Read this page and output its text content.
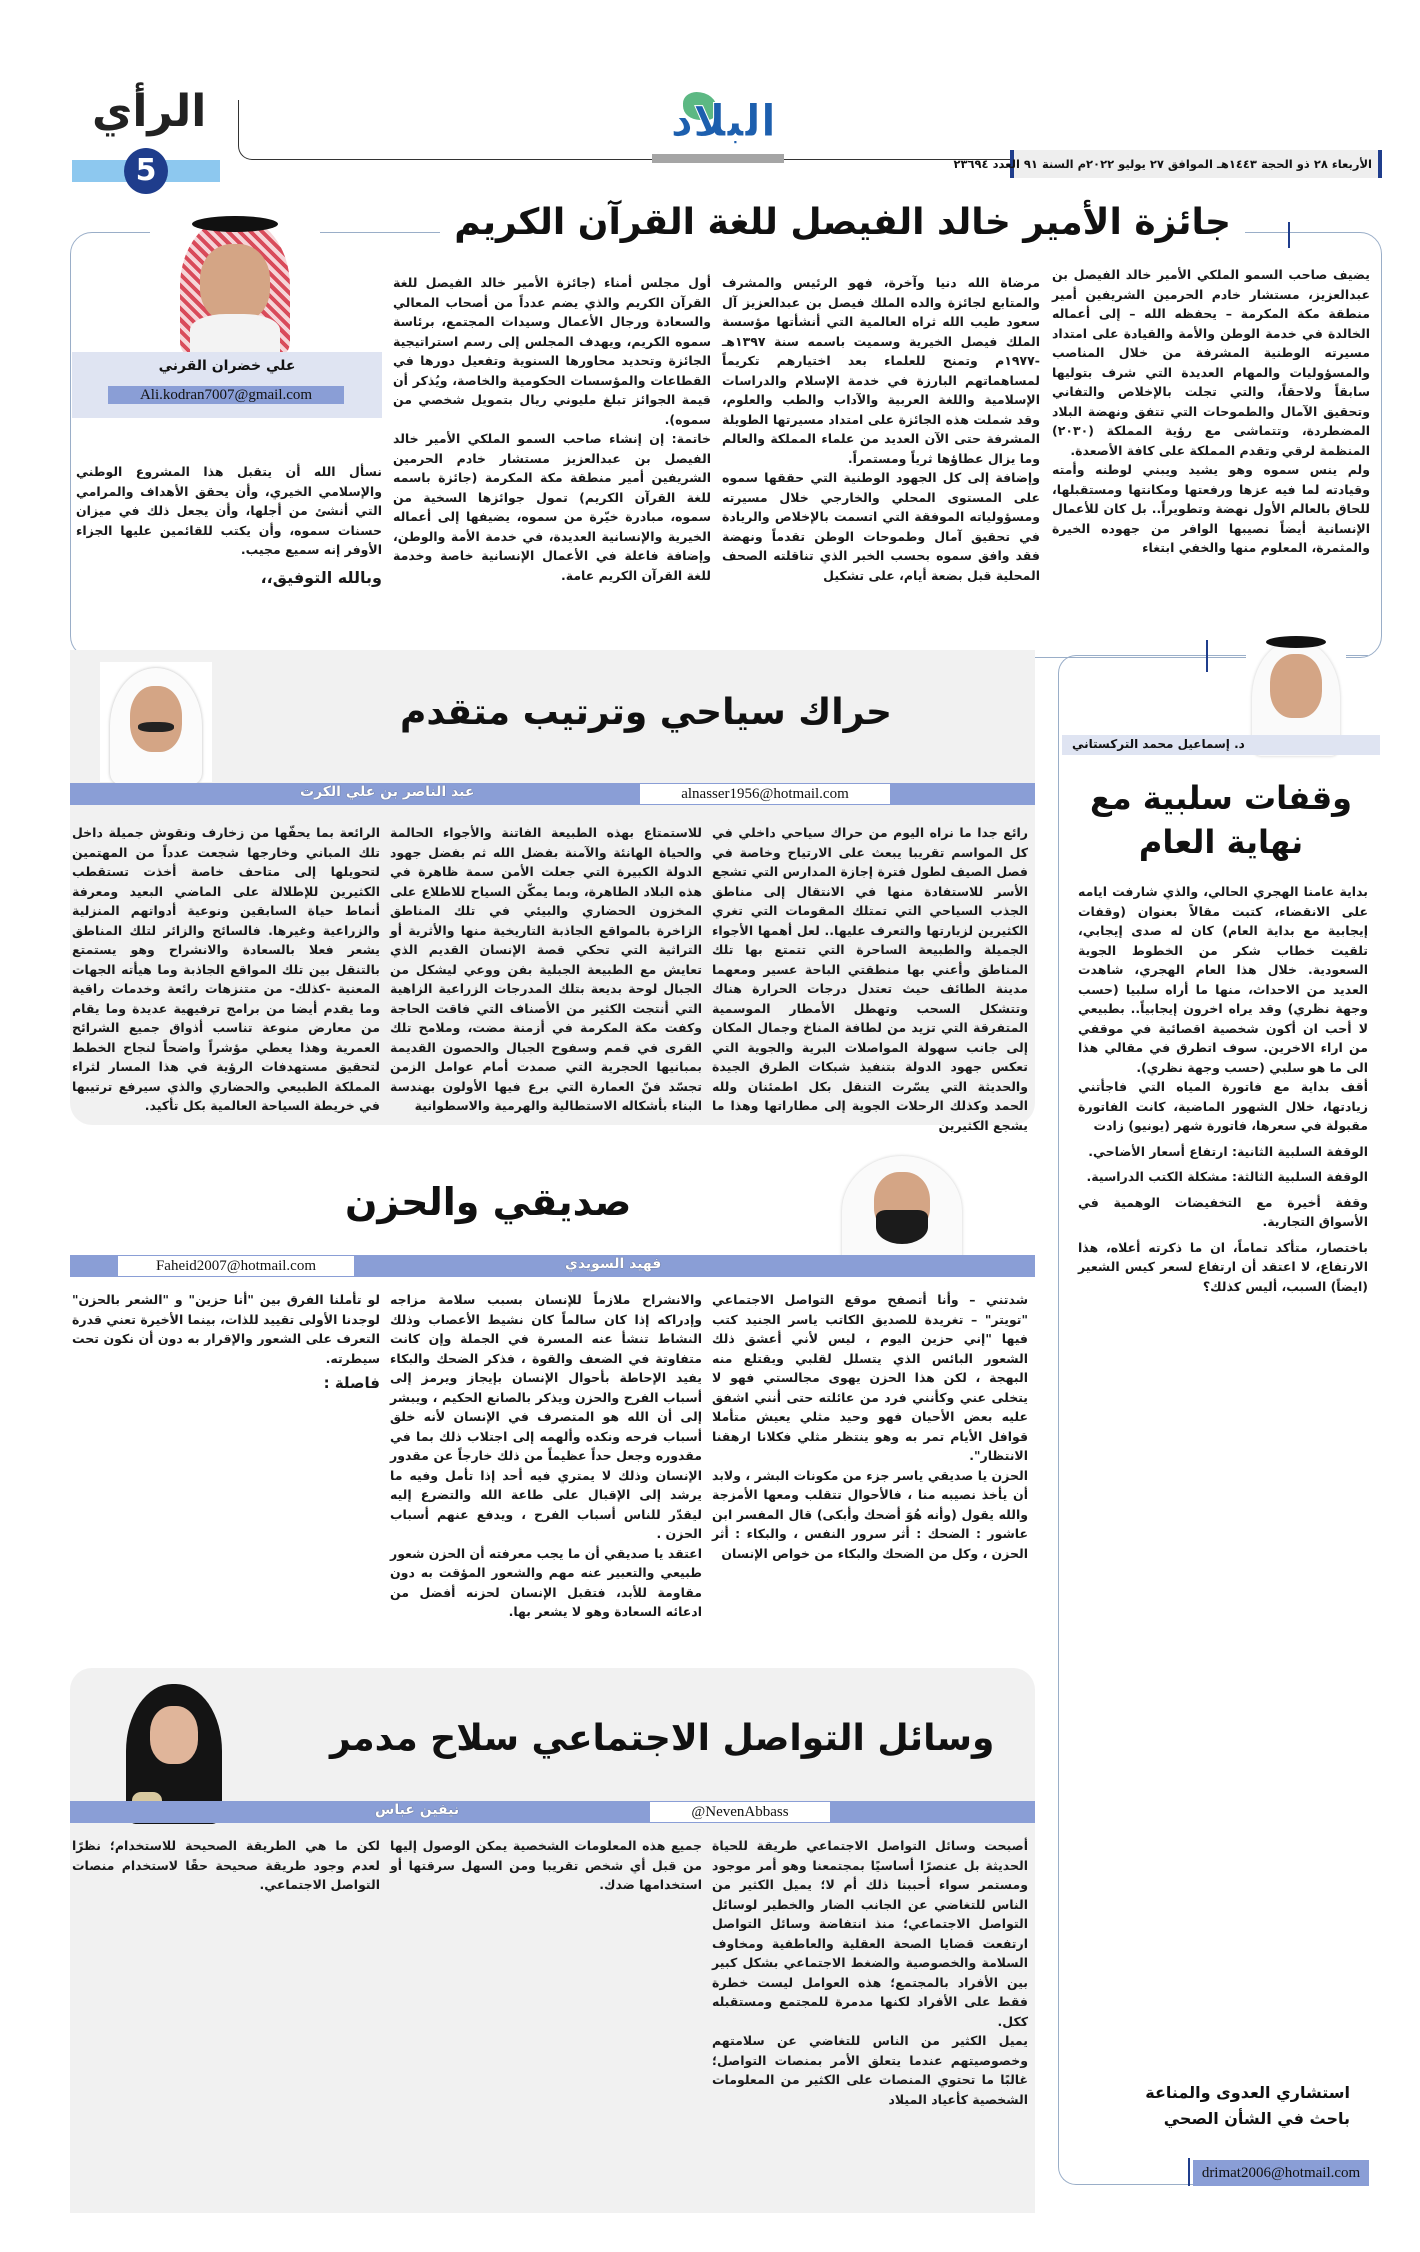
الرأي
5
البلاد
الأربعاء ٢٨ ذو الحجة ١٤٤٣هـ الموافق ٢٧ يوليو ٢٠٢٢م السنة ٩١ العدد ٢٣٦٩٤
جائزة الأمير خالد الفيصل للغة القرآن الكريم
علي خضران القرني
Ali.kodran7007@gmail.com

يضيف صاحب السمو الملكي الأمير خالد الفيصل بن عبدالعزيز، مستشار خادم الحرمين الشريفين أمير منطقة مكة المكرمة – يحفظه الله – إلى أعماله الخالدة في خدمة الوطن والأمة والقيادة على امتداد مسيرته الوطنية المشرفة من خلال المناصب والمسؤوليات والمهام العديدة التي شرف بتوليها سابقاً ولاحقاً، والتي تجلت بالإخلاص والتفاني وتحقيق الآمال والطموحات التي تتفق ونهضة البلاد المضطردة، وتتماشى مع رؤية المملكة (٢٠٣٠) المنظمة لرقي وتقدم المملكة على كافة الأصعدة.

ولم ينس سموه وهو يشيد ويبني لوطنه وأمته وقيادته لما فيه عزها ورفعتها ومكانتها ومستقبلها، للحاق بالعالم الأول نهضة وتطويراً.. بل كان للأعمال الإنسانية أيضاً نصيبها الوافر من جهوده الخيرة والمثمرة، المعلوم منها والخفي ابتغاء

مرضاة الله دنيا وآخرة، فهو الرئيس والمشرف والمتابع لجائزة والده الملك فيصل بن عبدالعزيز آل سعود طيب الله ثراه العالمية التي أنشأتها مؤسسة الملك فيصل الخيرية وسميت باسمه سنة ١٣٩٧هـ -١٩٧٧م وتمنح للعلماء بعد اختيارهم تكريماً لمساهماتهم البارزة في خدمة الإسلام والدراسات الإسلامية واللغة العربية والآداب والطب والعلوم، وقد شملت هذه الجائزة على امتداد مسيرتها الطويلة المشرفة حتى الآن العديد من علماء المملكة والعالم وما يزال عطاؤها ثرياً ومستمراً.

وإضافة إلى كل الجهود الوطنية التي حققها سموه على المستوى المحلي والخارجي خلال مسيرته ومسؤولياته الموفقة التي اتسمت بالإخلاص والريادة في تحقيق آمال وطموحات الوطن تقدماً ونهضة فقد وافق سموه بحسب الخبر الذي تناقلته الصحف المحلية قبل بضعة أيام، على تشكيل

أول مجلس أمناء (جائزة الأمير خالد الفيصل للغة القرآن الكريم والذي يضم عدداً من أصحاب المعالي والسعادة ورجال الأعمال وسيدات المجتمع، برئاسة سموه الكريم، ويهدف المجلس إلى رسم استراتيجية الجائزة وتحديد محاورها السنوية وتفعيل دورها في القطاعات والمؤسسات الحكومية والخاصة، ويُذكر أن قيمة الجوائز تبلغ مليوني ريال بتمويل شخصي من سموه).

خاتمة: إن إنشاء صاحب السمو الملكي الأمير خالد الفيصل بن عبدالعزيز مستشار خادم الحرمين الشريفين أمير منطقة مكة المكرمة (جائزة باسمه للغة القرآن الكريم) تمول جوائزها السخية من سموه، مبادرة خيّرة من سموه، يضيفها إلى أعماله الخيرية والإنسانية العديدة، في خدمة الأمة والوطن، وإضافة فاعلة في الأعمال الإنسانية خاصة وخدمة للغة القرآن الكريم عامة.

نسأل الله أن يتقبل هذا المشروع الوطني والإسلامي الخيري، وأن يحقق الأهداف والمرامي التي أنشئ من أجلها، وأن يجعل ذلك في ميزان حسنات سموه، وأن يكتب للقائمين عليها الجزاء الأوفر إنه سميع مجيب.

وبالله التوفيق،،

حراك سياحي وترتيب متقدم
عبد الناصر بن علي الكرت	alnasser1956@hotmail.com

رائع جدا ما نراه اليوم من حراك سياحي داخلي في كل المواسم تقريبا يبعث على الارتياح وخاصة في فصل الصيف لطول فترة إجازة المدارس التي تشجع الأسر للاستفادة منها في الانتقال إلى مناطق الجذب السياحي التي تمتلك المقومات التي تغري الكثيرين لزيارتها والتعرف عليها.. لعل أهمها الأجواء الجميلة والطبيعة الساحرة التي تتمتع بها تلك المناطق وأعني بها منطقتي الباحة عسير ومعهما مدينة الطائف حيث تعتدل درجات الحرارة هناك وتتشكل السحب وتهطل الأمطار الموسمية المتفرقة التي تزيد من لطافة المناخ وجمال المكان إلى جانب سهولة المواصلات البرية والجوية التي تعكس جهود الدولة بتنفيذ شبكات الطرق الجيدة والحديثة التي يسّرت التنقل بكل اطمئنان ولله الحمد وكذلك الرحلات الجوية إلى مطاراتها وهذا ما يشجع الكثيرين

للاستمتاع بهذه الطبيعة الفاتنة والأجواء الحالمة والحياة الهانئة والآمنة بفضل الله ثم بفضل جهود الدولة الكبيرة التي جعلت الأمن سمة ظاهرة في هذه البلاد الطاهرة، وبما يمكّن السياح للاطلاع على المخزون الحضاري والبيئي في تلك المناطق الزاخرة بالمواقع الجاذبة التاريخية منها والأثرية أو التراثية التي تحكي قصة الإنسان القديم الذي تعايش مع الطبيعة الجبلية بفن ووعي ليشكل من الجبال لوحة بديعة بتلك المدرجات الزراعية الزاهية التي أنتجت الكثير من الأصناف التي فاقت الحاجة وكفت مكة المكرمة في أزمنة مضت، وملامح تلك القرى في قمم وسفوح الجبال والحصون القديمة بمبانيها الحجرية التي صمدت أمام عوامل الزمن تجسّد فنّ العمارة التي برع فيها الأولون بهندسة البناء بأشكاله الاستطالية والهرمية والاسطوانية

الرائعة بما يحفّها من زخارف ونقوش جميلة داخل تلك المباني وخارجها شجعت عدداً من المهتمين لتحويلها إلى متاحف خاصة أخذت تستقطب الكثيرين للإطلالة على الماضي البعيد ومعرفة أنماط حياة السابقين ونوعية أدواتهم المنزلية والزراعية وغيرها. فالسائح والزائر لتلك المناطق يشعر فعلا بالسعادة والانشراح وهو يستمتع بالتنقل بين تلك المواقع الجاذبة وما هيأته الجهات المعنية -كذلك- من متنزهات رائعة وخدمات راقية وما يقدم أيضا من برامج ترفيهية عديدة وما يقام من معارض منوعة تناسب أذواق جميع الشرائح العمرية وهذا يعطي مؤشراً واضحاً لنجاح الخطط لتحقيق مستهدفات الرؤية في هذا المسار لثراء المملكة الطبيعي والحضاري والذي سيرفع ترتيبها في خريطة السياحة العالمية بكل تأكيد.

صديقي والحزن
فهيد السويدي
Faheid2007@hotmail.com

شدتني – وأنا أتصفح موقع التواصل الاجتماعي "تويتر" – تغريدة للصديق الكاتب ياسر الجنيد كتب فيها "إني حزين اليوم ، ليس لأني أعشق ذلك الشعور البائس الذي يتسلل لقلبي ويقتلع منه البهجة ، لكن هذا الحزن يهوى مجالستي فهو لا يتخلى عني وكأنني فرد من عائلته حتى أنني اشفق عليه بعض الأحيان فهو وحيد مثلي يعيش متأملا قوافل الأيام تمر به وهو ينتظر مثلي فكلانا ارهقنا الانتظار".

الحزن يا صديقي ياسر جزء من مكونات البشر ، ولابد أن يأخذ نصيبه منا ، فالأحوال تتقلب ومعها الأمزجة والله يقول (وأنه هُوَ أضحك وأبكى) قال المفسر ابن عاشور : الضحك : أثر سرور النفس ، والبكاء : أثر الحزن ، وكل من الضحك والبكاء من خواص الإنسان

والانشراح ملازماً للإنسان بسبب سلامة مزاجه وإدراكه إذا كان سالماً كان نشيط الأعصاب وذلك النشاط تنشأ عنه المسرة في الجملة وإن كانت متفاوتة في الضعف والقوة ، فذكر الضحك والبكاء يفيد الإحاطة بأحوال الإنسان بإيجاز ويرمز إلى أسباب الفرح والحزن ويذكر بالصانع الحكيم ، ويبشر إلى أن الله هو المتصرف في الإنسان لأنه خلق أسباب فرحه ونكده وألهمه إلى اجتلاب ذلك بما في مقدوره وجعل حداً عظيماً من ذلك خارجاً عن مقدور الإنسان وذلك لا يمتري فيه أحد إذا تأمل وفيه ما يرشد إلى الإقبال على طاعة الله والتضرع إليه ليقدّر للناس أسباب الفرح ، ويدفع عنهم أسباب الحزن .

اعتقد يا صديقي أن ما يجب معرفته أن الحزن شعور طبيعي والتعبير عنه مهم والشعور المؤقت به دون مقاومة للأبد، فتقبل الإنسان لحزنه أفضل من ادعائه السعادة وهو لا يشعر بها.

لو تأملنا الفرق بين "أنا حزين" و "الشعر بالحزن" لوجدنا الأولى تقييد للذات، بينما الأخيرة تعني قدرة التعرف على الشعور والإقرار به دون أن نكون تحت سيطرته.

فاصلة :

وسائل التواصل الاجتماعي سلاح مدمر
نيفين عباس	@NevenAbbass

أصبحت وسائل التواصل الاجتماعي طريقة للحياة الحديثة بل عنصرًا أساسيًا بمجتمعنا وهو أمر موجود ومستمر سواء أحببنا ذلك أم لا؛ يميل الكثير من الناس للتغاضي عن الجانب الضار والخطير لوسائل التواصل الاجتماعي؛ منذ انتفاضة وسائل التواصل ارتفعت قضايا الصحة العقلية والعاطفية ومخاوف السلامة والخصوصية والضغط الاجتماعي بشكل كبير بين الأفراد بالمجتمع؛ هذه العوامل ليست خطرة فقط على الأفراد لكنها مدمرة للمجتمع ومستقبله ككل.

يميل الكثير من الناس للتغاضي عن سلامتهم وخصوصيتهم عندما يتعلق الأمر بمنصات التواصل؛ غالبًا ما تحتوي المنصات على الكثير من المعلومات الشخصية كأعياد الميلاد

جميع هذه المعلومات الشخصية يمكن الوصول إليها من قبل أي شخص تقريبا ومن السهل سرقتها أو استخدامها ضدك.

لكن ما هي الطريقة الصحيحة للاستخدام؛ نظرًا لعدم وجود طريقة صحيحة حقًا لاستخدام منصات التواصل الاجتماعي.

د. إسماعيل محمد التركستاني
وقفات سلبية مع
نهاية العام

بداية عامنا الهجري الحالي، والذي شارفت ايامه على الانقضاء، كتبت مقالاً بعنوان (وقفات إيجابية مع بداية العام) كان له صدى إيجابي، تلقيت خطاب شكر من الخطوط الجوية السعودية. خلال هذا العام الهجري، شاهدت العديد من الاحداث، منها ما أراه سلبيا (حسب وجهة نظري) وقد يراه اخرون إيجابياً.. بطبيعي لا أحب ان أكون شخصية اقصائية في موقفي من اراء الاخرين. سوف اتطرق في مقالي هذا الى ما هو سلبي (حسب وجهة نظري).

أقف بداية مع فاتورة المياه التي فاجأتني زيادتها، خلال الشهور الماضية، كانت الفاتورة مقبولة في سعرها، فاتورة شهر (يونيو) زادت

الوقفة السلبية الثانية: ارتفاع أسعار الأضاحي.

الوقفة السلبية الثالثة: مشكلة الكتب الدراسية.

وقفة أخيرة مع التخفيضات الوهمية في الأسواق التجارية.

باختصار، متأكد تماماً، ان ما ذكرته أعلاه، هذا الارتفاع، لا اعتقد أن ارتفاع لسعر كيس الشعير (ايضاً) السبب، أليس كذلك؟

استشاري العدوى والمناعة
باحث في الشأن الصحي
drimat2006@hotmail.com
